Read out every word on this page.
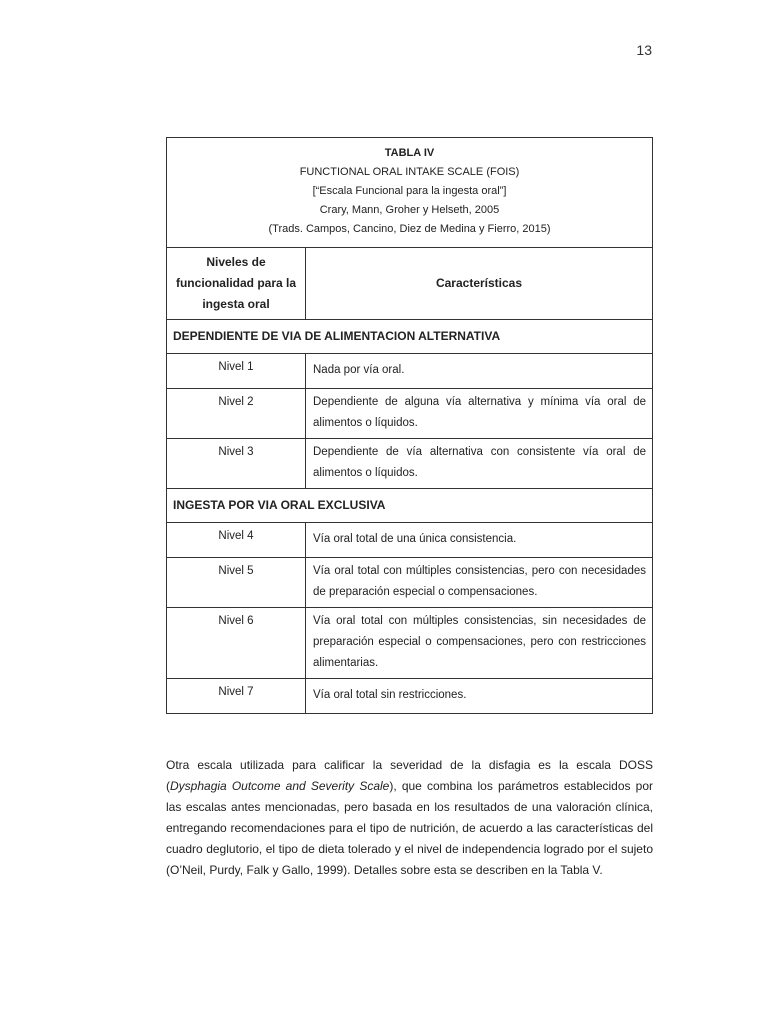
13
TABLA IV
FUNCTIONAL ORAL INTAKE SCALE (FOIS)
[“Escala Funcional para la ingesta oral”]
Crary, Mann, Groher y Helseth, 2005
(Trads. Campos, Cancino, Diez de Medina y Fierro, 2015)	

Niveles de funcionalidad para la ingesta oral	Características
DEPENDIENTE DE VIA DE ALIMENTACION ALTERNATIVA	
Nivel 1	Nada por vía oral.
Nivel 2	Dependiente de alguna vía alternativa y mínima vía oral de alimentos o líquidos.
Nivel 3	Dependiente de vía alternativa con consistente vía oral de alimentos o líquidos.
INGESTA POR VIA ORAL EXCLUSIVA	
Nivel 4	Vía oral total de una única consistencia.
Nivel 5	Vía oral total con múltiples consistencias, pero con necesidades de preparación especial o compensaciones.
Nivel 6	Vía oral total con múltiples consistencias, sin necesidades de preparación especial o compensaciones, pero con restricciones alimentarias.
Nivel 7	Vía oral total sin restricciones.

Otra escala utilizada para calificar la severidad de la disfagia es la escala DOSS (Dysphagia Outcome and Severity Scale), que combina los parámetros establecidos por las escalas antes mencionadas, pero basada en los resultados de una valoración clínica, entregando recomendaciones para el tipo de nutrición, de acuerdo a las características del cuadro deglutorio, el tipo de dieta tolerado y el nivel de independencia logrado por el sujeto (O’Neil, Purdy, Falk y Gallo, 1999). Detalles sobre esta se describen en la Tabla V.
